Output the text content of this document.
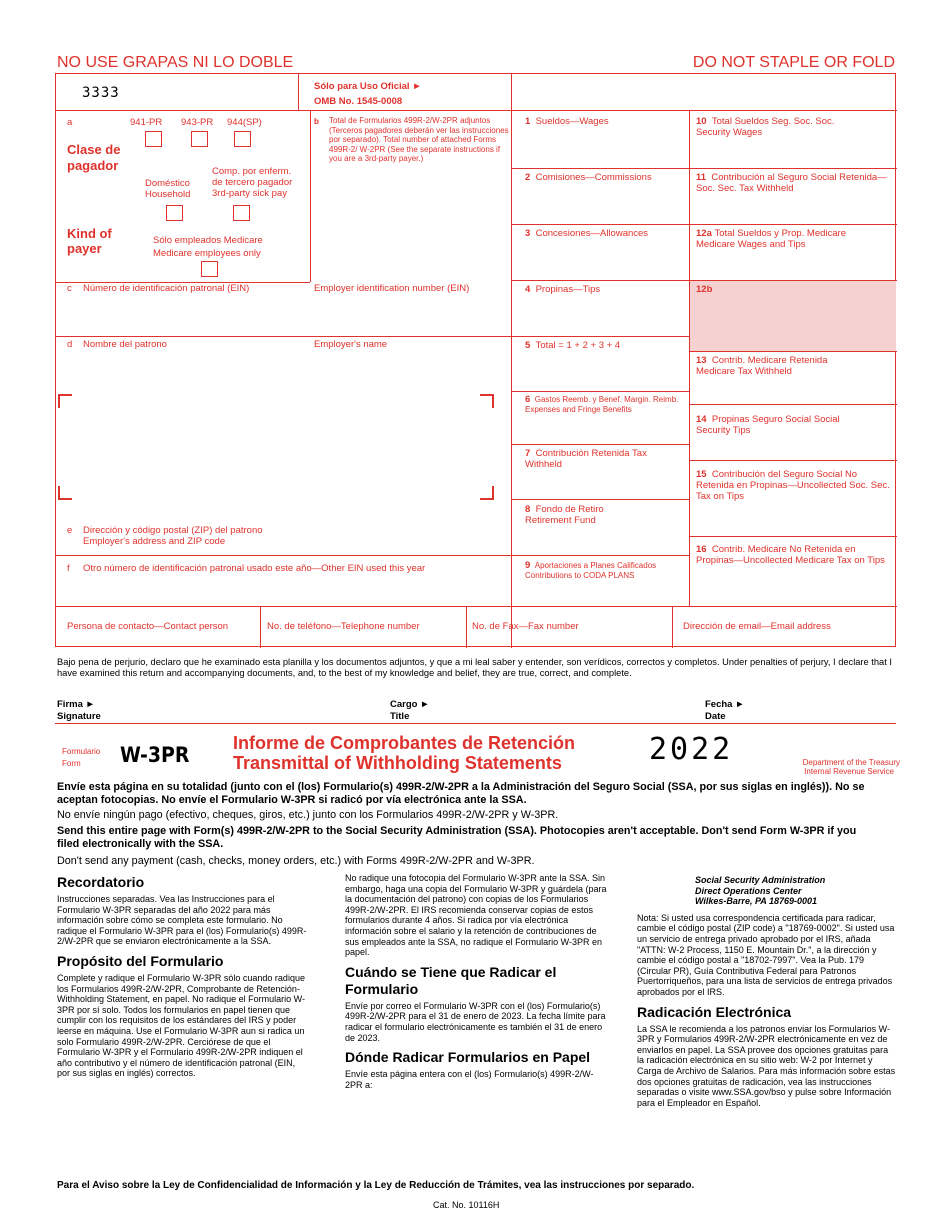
NO USE GRAPAS NI LO DOBLE	DO NOT STAPLE OR FOLD
3333	Sólo para Uso Oficial ►
OMB No. 1545-0008
a	941-PR 943-PR 944(SP)
Clase de pagador
Doméstico Household
Comp. por enferm. de tercero pagador 3rd-party sick pay
Kind of payer
Sólo empleados Medicare
Medicare employees only
b Total de Formularios 499R-2/W-2PR adjuntos (Terceros pagadores deberán ver las instrucciones por separado). Total number of attached Forms 499R-2/ W-2PR (See the separate instructions if you are a 3rd-party payer.)
c Número de identificación patronal (EIN)	Employer identification number (EIN)
d Nombre del patrono	Employer's name
e Dirección y código postal (ZIP) del patrono
Employer's address and ZIP code
f Otro número de identificación patronal usado este año—Other EIN used this year
1 Sueldos—Wages
2 Comisiones—Commissions
3 Concesiones—Allowances
4 Propinas—Tips
5 Total = 1 + 2 + 3 + 4
6 Gastos Reemb. y Benef. Margin. Reimb. Expenses and Fringe Benefits
7 Contribución Retenida Tax Withheld
8 Fondo de Retiro Retirement Fund
9 Aportaciones a Planes Calificados Contributions to CODA PLANS
10 Total Sueldos Seg. Soc. Soc. Security Wages
11 Contribución al Seguro Social Retenida—Soc. Sec. Tax Withheld
12a Total Sueldos y Prop. Medicare Medicare Wages and Tips
12b
13 Contrib. Medicare Retenida Medicare Tax Withheld
14 Propinas Seguro Social Social Security Tips
15 Contribución del Seguro Social No Retenida en Propinas—Uncollected Soc. Sec. Tax on Tips
16 Contrib. Medicare No Retenida en Propinas—Uncollected Medicare Tax on Tips
Persona de contacto—Contact person	No. de teléfono—Telephone number	No. de Fax—Fax number	Dirección de email—Email address
Bajo pena de perjurio, declaro que he examinado esta planilla y los documentos adjuntos, y que a mi leal saber y entender, son verídicos, correctos y completos. Under penalties of perjury, I declare that I have examined this return and accompanying documents, and, to the best of my knowledge and belief, they are true, correct, and complete.
Firma ►
Signature
Cargo ►
Title
Fecha ►
Date
Formulario
Form W-3PR Informe de Comprobantes de Retención
Transmittal of Withholding Statements	2022	Department of the Treasury
Internal Revenue Service
Envíe esta página en su totalidad (junto con el (los) Formulario(s) 499R-2/W-2PR a la Administración del Seguro Social (SSA, por sus siglas en inglés)). No se aceptan fotocopias. No envíe el Formulario W-3PR si radicó por vía electrónica ante la SSA.
No envíe ningún pago (efectivo, cheques, giros, etc.) junto con los Formularios 499R-2/W-2PR y W-3PR.
Send this entire page with Form(s) 499R-2/W-2PR to the Social Security Administration (SSA). Photocopies aren't acceptable. Don't send Form W-3PR if you filed electronically with the SSA.
Don't send any payment (cash, checks, money orders, etc.) with Forms 499R-2/W-2PR and W-3PR.
Recordatorio
Instrucciones separadas. Vea las Instrucciones para el Formulario W-3PR separadas del año 2022 para más información sobre cómo se completa este formulario. No radique el Formulario W-3PR para el (los) Formulario(s) 499R-2/W-2PR que se enviaron electrónicamente a la SSA.
Propósito del Formulario
Complete y radique el Formulario W-3PR sólo cuando radique los Formularios 499R-2/W-2PR, Comprobante de Retención-Withholding Statement, en papel. No radique el Formulario W-3PR por sí solo. Todos los formularios en papel tienen que cumplir con los requisitos de los estándares del IRS y poder leerse en máquina. Use el Formulario W-3PR aun si radica un solo Formulario 499R-2/W-2PR. Cerciórese de que el Formulario W-3PR y el Formulario 499R-2/W-2PR indiquen el año contributivo y el número de identificación patronal (EIN, por sus siglas en inglés) correctos.
No radique una fotocopia del Formulario W-3PR ante la SSA. Sin embargo, haga una copia del Formulario W-3PR y guárdela (para la documentación del patrono) con copias de los Formularios 499R-2/W-2PR. El IRS recomienda conservar copias de estos formularios durante 4 años. Si radica por vía electrónica información sobre el salario y la retención de contribuciones de sus empleados ante la SSA, no radique el Formulario W-3PR en papel.
Cuándo se Tiene que Radicar el Formulario
Envíe por correo el Formulario W-3PR con el (los) Formulario(s) 499R-2/W-2PR para el 31 de enero de 2023. La fecha límite para radicar el formulario electrónicamente es también el 31 de enero de 2023.
Dónde Radicar Formularios en Papel
Envíe esta página entera con el (los) Formulario(s) 499R-2/W-2PR a:
Social Security Administration
Direct Operations Center
Wilkes-Barre, PA 18769-0001
Nota: Si usted usa correspondencia certificada para radicar, cambie el código postal (ZIP code) a "18769-0002". Si usted usa un servicio de entrega privado aprobado por el IRS, añada "ATTN: W-2 Process, 1150 E. Mountain Dr.", a la dirección y cambie el código postal a "18702-7997". Vea la Pub. 179 (Circular PR), Guía Contributiva Federal para Patronos Puertorriqueños, para una lista de servicios de entrega privados aprobados por el IRS.
Radicación Electrónica
La SSA le recomienda a los patronos enviar los Formularios W-3PR y Formularios 499R-2/W-2PR electrónicamente en vez de enviarlos en papel. La SSA provee dos opciones gratuitas para la radicación electrónica en su sitio web: W-2 por Internet y Carga de Archivo de Salarios. Para más información sobre estas dos opciones gratuitas de radicación, vea las instrucciones separadas o visite www.SSA.gov/bso y pulse sobre Información para el Empleador en Español.
Para el Aviso sobre la Ley de Confidencialidad de Información y la Ley de Reducción de Trámites, vea las instrucciones por separado.
Cat. No. 10116H
